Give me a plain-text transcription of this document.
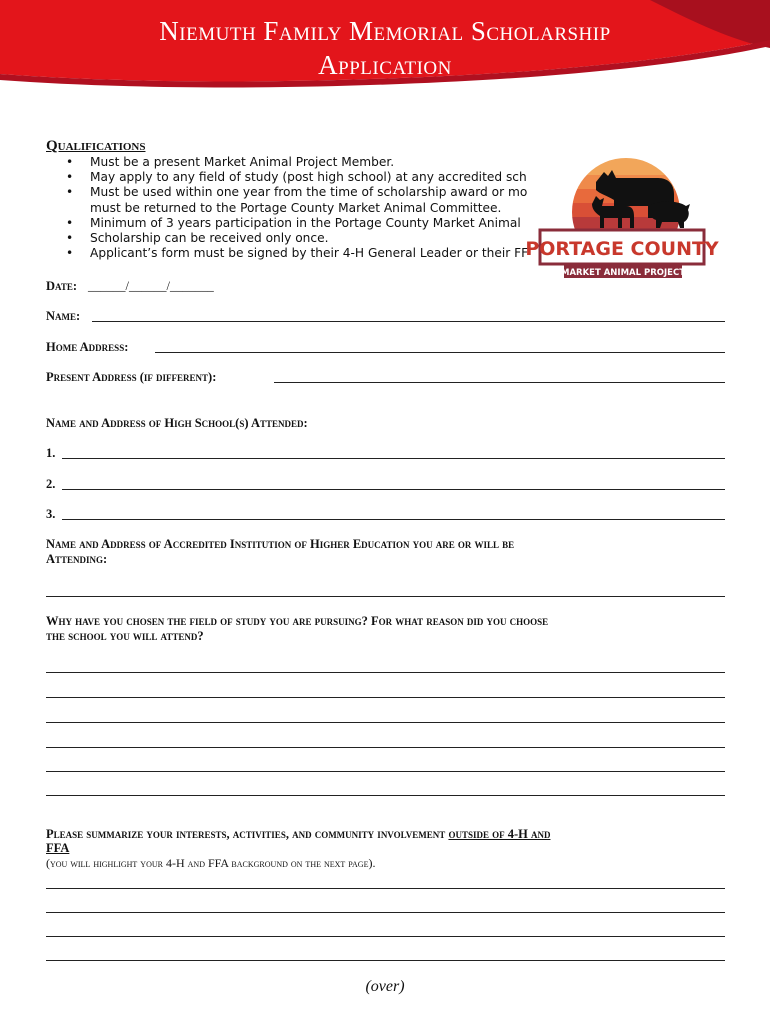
Niemuth Family Memorial Scholarship
Application
Qualifications
• Must be a present Market Animal Project Member.
• May apply to any field of study (post high school) at any accredited sch
• Must be used within one year from the time of scholarship award or mo
must be returned to the Portage County Market Animal Committee.
• Minimum of 3 years participation in the Portage County Market Animal
• Scholarship can be received only once.
• Applicant’s form must be signed by their 4-H General Leader or their FF
PORTAGE COUNTY
MARKET ANIMAL PROJECT
Date: ______/______/_______
Name:
Home Address:
Present Address (if different):
Name and Address of High School(s) Attended:
1.
2.
3.
Name and Address of Accredited Institution of Higher Education you are or will be
Attending:
Why have you chosen the field of study you are pursuing? For what reason did you choose
the school you will attend?
Please summarize your interests, activities, and community involvement outside of 4-H and
FFA
(you will highlight your 4-H and FFA background on the next page).
(over)
